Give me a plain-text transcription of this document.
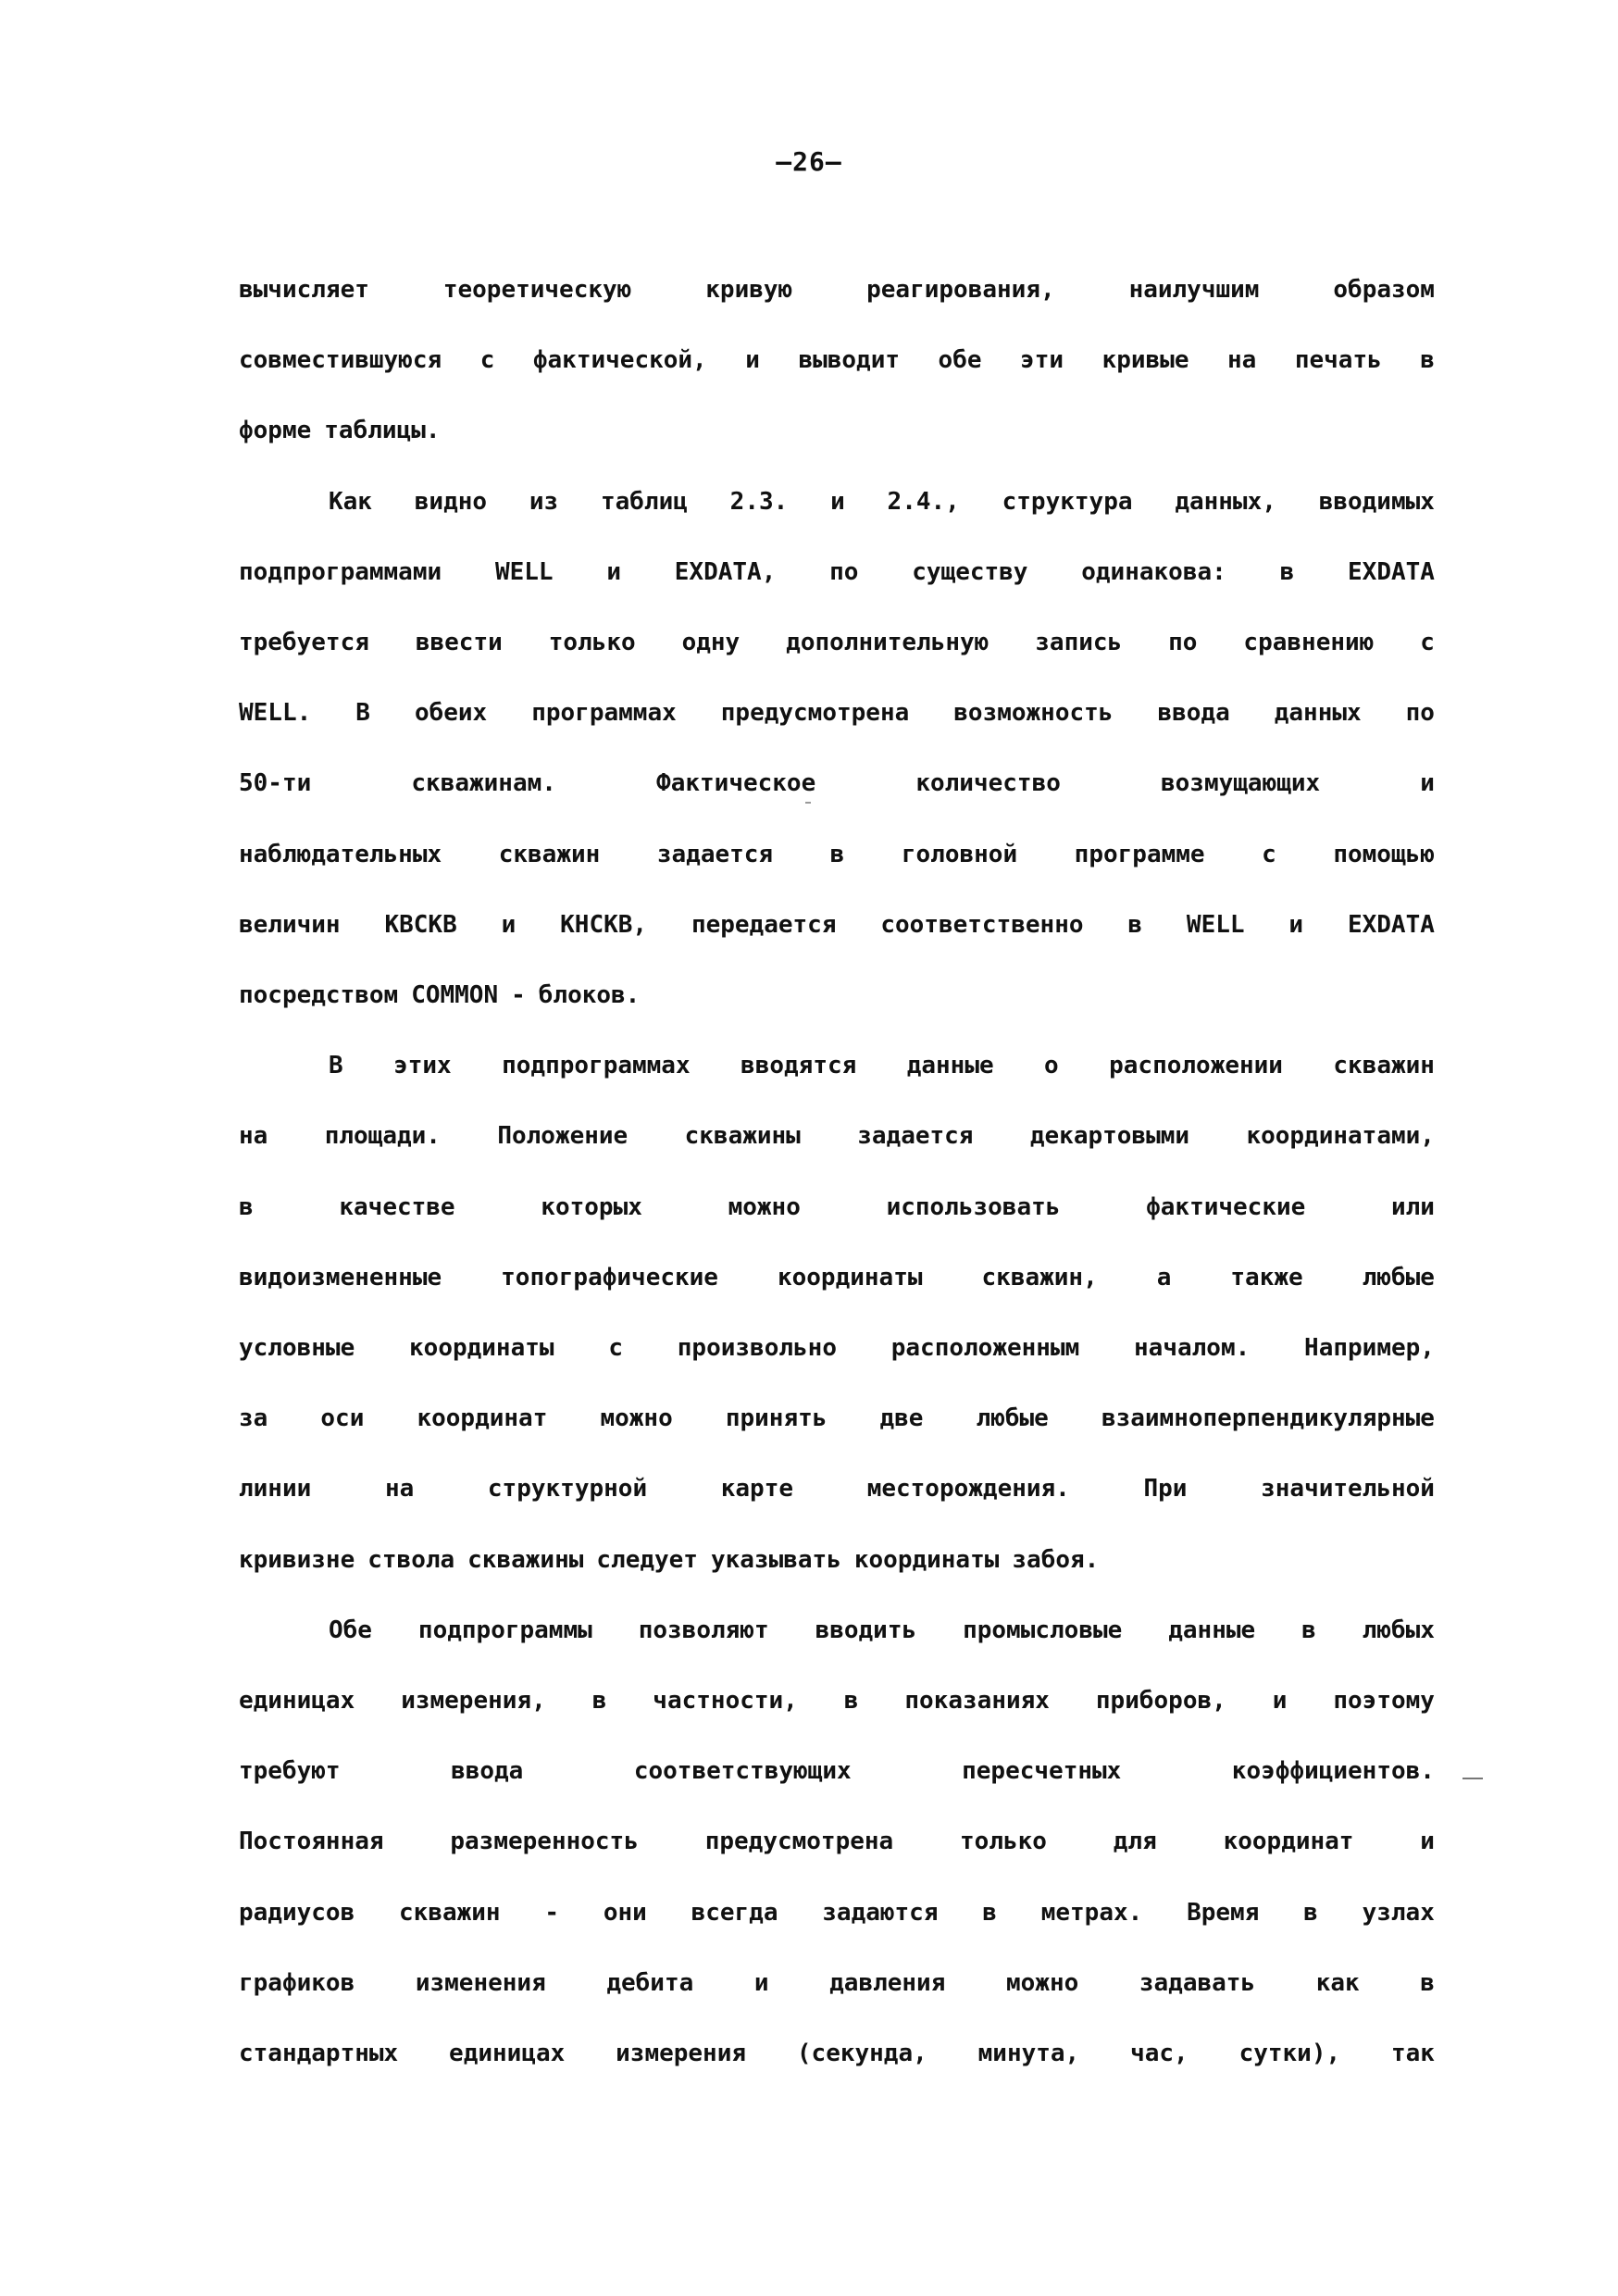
—26—
вычисляет	теоретическую	кривую	реагирования,	наилучшим	образом
совместившуюся с фактической, и выводит обе эти кривые на печать в
форме таблицы.
Как видно из таблиц 2.3. и 2.4., структура данных, вводимых
подпрограммами WELL и EXDATA, по существу одинакова: в EXDATA
требуется ввести только одну дополнительную запись по сравнению с
WELL. В обеих программах предусмотрена возможность ввода данных по
50-ти	скважинам.	Фактическое	количество	возмущающих	и
наблюдательных скважин задается в головной программе с помощью
величин КВСКВ и КНСКВ, передается соответственно в WELL и EXDATA
посредством COMMON - блоков.
В этих подпрограммах вводятся данные о расположении скважин
на площади. Положение скважины задается декартовыми координатами,
в	качестве	которых	можно	использовать	фактические	или
видоизмененные топографические координаты скважин, а также любые
условные координаты с произвольно расположенным началом. Например,
за оси координат можно принять две любые взаимноперпендикулярные
линии	на	структурной	карте	месторождения.	При	значительной
кривизне ствола скважины следует указывать координаты забоя.
Обе подпрограммы позволяют вводить промысловые данные в любых
единицах измерения, в частности, в показаниях приборов, и поэтому
требуют	ввода	соответствующих	пересчетных	коэффициентов.
Постоянная	размеренность	предусмотрена	только	для	координат	и
радиусов скважин - они всегда задаются в метрах. Время в узлах
графиков	изменения	дебита	и	давления	можно	задавать	как	в
стандартных единицах измерения (секунда, минута, час, сутки), так
